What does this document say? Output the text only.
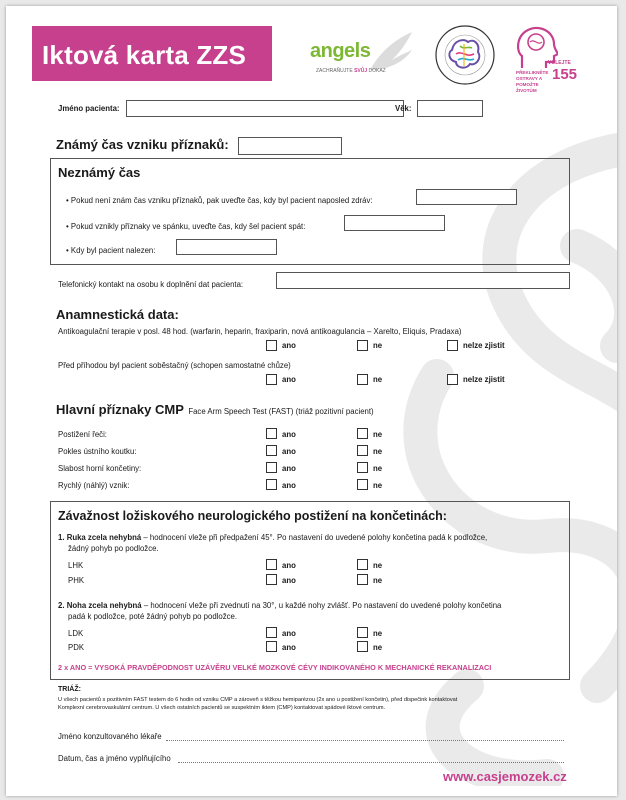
Iktová karta ZZS	angels
ZACHRAŇUJTE SVŮJ DOKAZ
VOLEJTE
155
PŘEKLIKNĚTE OSTRAVY A POMOŽTE ŽIVOTŮM
Jméno pacienta:	Věk:
Známý čas vzniku příznaků:
Neznámý čas
• Pokud není znám čas vzniku příznaků, pak uveďte čas, kdy byl pacient naposled zdráv:
• Pokud vznikly příznaky ve spánku, uveďte čas, kdy šel pacient spát:
• Kdy byl pacient nalezen:
Telefonický kontakt na osobu k doplnění dat pacienta:
Anamnestická data:
Antikoagulační terapie v posl. 48 hod. (warfarin, heparin, fraxiparin, nová antikoagulancia – Xarelto, Eliquis, Pradaxa)
ano	ne	nelze zjistit
Před příhodou byl pacient soběstačný (schopen samostatné chůze)
ano	ne	nelze zjistit
Hlavní příznaky CMP Face Arm Speech Test (FAST) (triáž pozitivní pacient)
Postižení řeči:	ano	ne
Pokles ústního koutku:	ano	ne
Slabost horní končetiny:	ano	ne
Rychlý (náhlý) vznik:	ano	ne
Závažnost ložiskového neurologického postižení na končetinách:
1. Ruka zcela nehybná – hodnocení vleže při předpažení 45°. Po nastavení do uvedené polohy končetina padá k podložce,
žádný pohyb po podložce.
LHK	ano	ne
PHK	ano	ne
2. Noha zcela nehybná – hodnocení vleže při zvednutí na 30°, u každé nohy zvlášť. Po nastavení do uvedené polohy končetina
padá k podložce, poté žádný pohyb po podložce.
LDK	ano	ne
PDK	ano	ne
2 x ANO = VYSOKÁ PRAVDĚPODNOST UZÁVĚRU VELKÉ MOZKOVÉ CÉVY INDIKOVANÉHO K MECHANICKÉ REKANALIZACI
TRIÁŽ:
U všech pacientů s pozitivním FAST testem do 6 hodin od vzniku CMP a zároveň s těžkou hemiparézou (2x ano u postižení končetin), před dispečink kontaktovat
Komplexní cerebrovaskulární centrum. U všech ostatních pacientů se suspektním iktem (CMP) kontaktovat spádové iktové centrum.
Jméno konzultovaného lékaře
Datum, čas a jméno vyplňujícího
www.casjemozek.cz
